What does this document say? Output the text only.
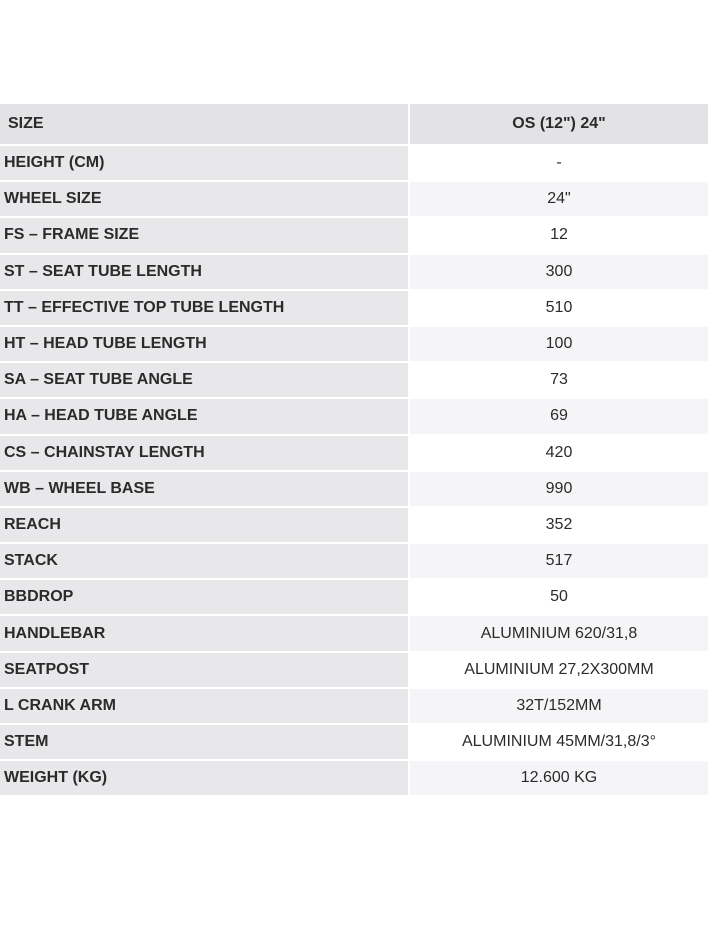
SIZE	OS (12") 24"
HEIGHT (CM)	-
WHEEL SIZE	24"
FS – FRAME SIZE	12
ST – SEAT TUBE LENGTH	300
TT – EFFECTIVE TOP TUBE LENGTH	510
HT – HEAD TUBE LENGTH	100
SA – SEAT TUBE ANGLE	73
HA – HEAD TUBE ANGLE	69
CS – CHAINSTAY LENGTH	420
WB – WHEEL BASE	990
REACH	352
STACK	517
BBDROP	50
HANDLEBAR	ALUMINIUM 620/31,8
SEATPOST	ALUMINIUM 27,2X300MM
L CRANK ARM	32T/152MM
STEM	ALUMINIUM 45MM/31,8/3°
WEIGHT (KG)	12.600 KG
